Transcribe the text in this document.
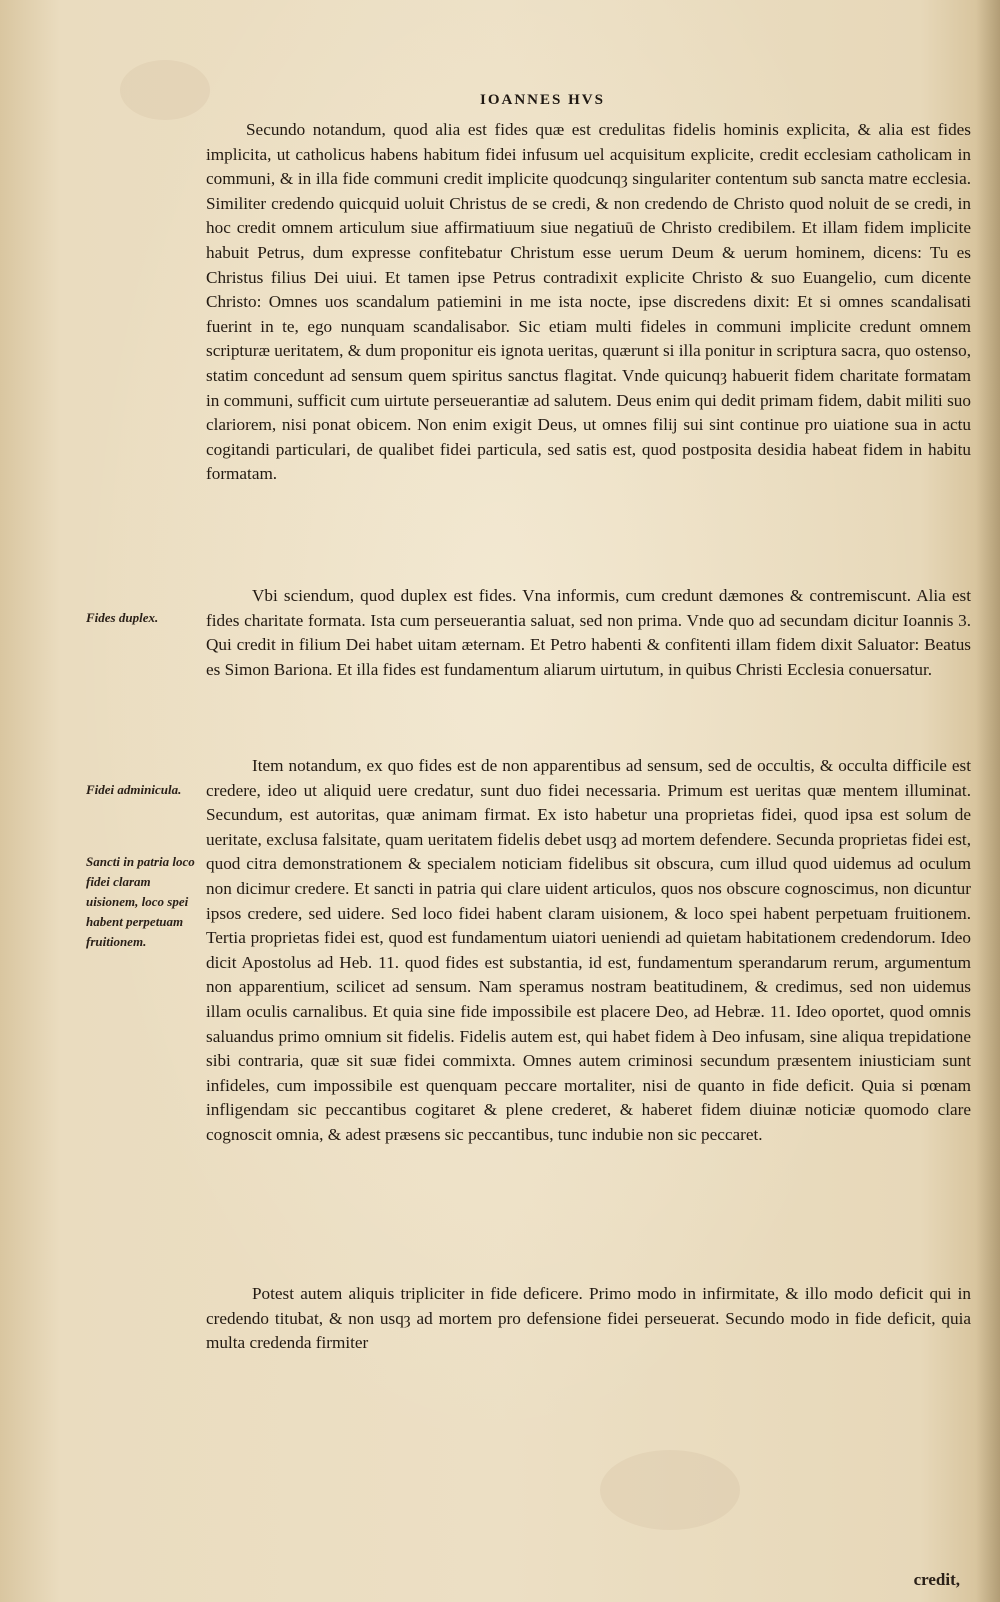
IOANNES HVS

Secundo notandum, quod alia est fides quæ est credulitas fidelis hominis explicita, & alia est fides implicita, ut catholicus habens habitum fidei infusum uel acquisitum explicite, credit ecclesiam catholicam in communi, & in illa fide communi credit implicite quodcunqȝ singulariter contentum sub sancta matre ecclesia. Similiter credendo quicquid uoluit Christus de se credi, & non credendo de Christo quod noluit de se credi, in hoc credit omnem articulum siue affirmatiuum siue negatiuū de Christo credibilem. Et illam fidem implicite habuit Petrus, dum expresse confitebatur Christum esse uerum Deum & uerum hominem, dicens: Tu es Christus filius Dei uiui. Et tamen ipse Petrus contradixit explicite Christo & suo Euangelio, cum dicente Christo: Omnes uos scandalum patiemini in me ista nocte, ipse discredens dixit: Et si omnes scandalisati fuerint in te, ego nunquam scandalisabor. Sic etiam multi fideles in communi implicite credunt omnem scripturæ ueritatem, & dum proponitur eis ignota ueritas, quærunt si illa ponitur in scriptura sacra, quo ostenso, statim concedunt ad sensum quem spiritus sanctus flagitat. Vnde quicunqȝ habuerit fidem charitate formatam in communi, sufficit cum uirtute perseuerantiæ ad salutem. Deus enim qui dedit primam fidem, dabit militi suo clariorem, nisi ponat obicem. Non enim exigit Deus, ut omnes filij sui sint continue pro uiatione sua in actu cogitandi particulari, de qualibet fidei particula, sed satis est, quod postposita desidia habeat fidem in habitu formatam.

Vbi sciendum, quod duplex est fides. Vna informis, cum credunt dæmones & contremiscunt. Alia est fides charitate formata. Ista cum perseuerantia saluat, sed non prima. Vnde quo ad secundam dicitur Ioannis 3. Qui credit in filium Dei habet uitam æternam. Et Petro habenti & confitenti illam fidem dixit Saluator: Beatus es Simon Bariona. Et illa fides est fundamentum aliarum uirtutum, in quibus Christi Ecclesia conuersatur.

Item notandum, ex quo fides est de non apparentibus ad sensum, sed de occultis, & occulta difficile est credere, ideo ut aliquid uere credatur, sunt duo fidei necessaria. Primum est ueritas quæ mentem illuminat. Secundum, est autoritas, quæ animam firmat. Ex isto habetur una proprietas fidei, quod ipsa est solum de ueritate, exclusa falsitate, quam ueritatem fidelis debet usqȝ ad mortem defendere. Secunda proprietas fidei est, quod citra demonstrationem & specialem noticiam fidelibus sit obscura, cum illud quod uidemus ad oculum non dicimur credere. Et sancti in patria qui clare uident articulos, quos nos obscure cognoscimus, non dicuntur ipsos credere, sed uidere. Sed loco fidei habent claram uisionem, & loco spei habent perpetuam fruitionem. Tertia proprietas fidei est, quod est fundamentum uiatori ueniendi ad quietam habitationem credendorum. Ideo dicit Apostolus ad Heb. 11. quod fides est substantia, id est, fundamentum sperandarum rerum, argumentum non apparentium, scilicet ad sensum. Nam speramus nostram beatitudinem, & credimus, sed non uidemus illam oculis carnalibus. Et quia sine fide impossibile est placere Deo, ad Hebræ. 11. Ideo oportet, quod omnis saluandus primo omnium sit fidelis. Fidelis autem est, qui habet fidem à Deo infusam, sine aliqua trepidatione sibi contraria, quæ sit suæ fidei commixta. Omnes autem criminosi secundum præsentem iniusticiam sunt infideles, cum impossibile est quenquam peccare mortaliter, nisi de quanto in fide deficit. Quia si pœnam infligendam sic peccantibus cogitaret & plene crederet, & haberet fidem diuinæ noticiæ quomodo clare cognoscit omnia, & adest præsens sic peccantibus, tunc indubie non sic peccaret.

Potest autem aliquis tripliciter in fide deficere. Primo modo in infirmitate, & illo modo deficit qui in credendo titubat, & non usqȝ ad mortem pro defensione fidei perseuerat. Secundo modo in fide deficit, quia multa credenda firmiter

Fides duplex.
Fidei adminicula.
Sancti in patria loco fidei claram uisionem, loco spei habent perpetuam fruitionem.
credit,
